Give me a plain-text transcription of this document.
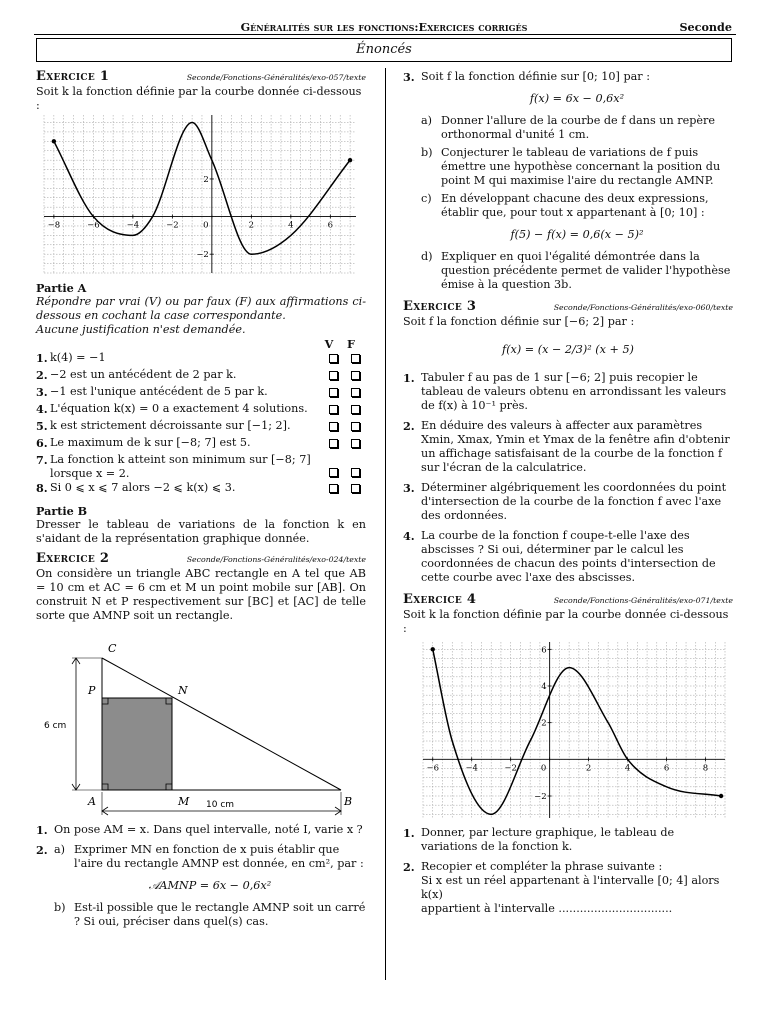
Généralités sur les fonctions:Exercices corrigés	Seconde
Énoncés
Exercice 1	Seconde/Fonctions-Généralités/exo-057/texte

Soit k la fonction définie par la courbe donnée ci-dessous :

−8	−6	−4	−2	0	2	4	6
2
−2

Partie A

Répondre par vrai (V) ou par faux (F) aux affirmations ci-dessous en cochant la case correspondante.

Aucune justification n'est demandée.

V F
1.	k(4) = −1		
2.	−2 est un antécédent de 2 par k.		
3.	−1 est l'unique antécédent de 5 par k.		
4.	L'équation k(x) = 0 a exactement 4 solutions.		
5.	k est strictement décroissante sur [−1; 2].		
6.	Le maximum de k sur [−8; 7] est 5.		
7.	La fonction k atteint son minimum sur [−8; 7] lorsque x = 2.		
8.	Si 0 ⩽ x ⩽ 7 alors −2 ⩽ k(x) ⩽ 3.		

Partie B

Dresser le tableau de variations de la fonction k en s'aidant de la représentation graphique donnée.

Exercice 2	Seconde/Fonctions-Généralités/exo-024/texte

On considère un triangle ABC rectangle en A tel que AB = 10 cm et AC = 6 cm et M un point mobile sur [AB]. On construit N et P respectivement sur [BC] et [AC] de telle sorte que AMNP soit un rectangle.

C
P	N
A	M	B
6 cm
10 cm
1. On pose AM = x. Dans quel intervalle, noté I, varie x ?
2. a) Exprimer MN en fonction de x puis établir que l'aire du rectangle AMNP est donnée, en cm², par :
𝒜AMNP = 6x − 0,6x²
b) Est-il possible que le rectangle AMNP soit un carré ? Si oui, préciser dans quel(s) cas.
3. Soit f la fonction définie sur [0; 10] par :
f(x) = 6x − 0,6x²
a) Donner l'allure de la courbe de f dans un repère orthonormal d'unité 1 cm.
b) Conjecturer le tableau de variations de f puis émettre une hypothèse concernant la position du point M qui maximise l'aire du rectangle AMNP.
c) En développant chacune des deux expressions, établir que, pour tout x appartenant à [0; 10] :
f(5) − f(x) = 0,6(x − 5)²
d) Expliquer en quoi l'égalité démontrée dans la question précédente permet de valider l'hypothèse émise à la question 3b.
Exercice 3	Seconde/Fonctions-Généralités/exo-060/texte

Soit f la fonction définie sur [−6; 2] par :

f(x) = (x − 2/3)² (x + 5)
1. Tabuler f au pas de 1 sur [−6; 2] puis recopier le tableau de valeurs obtenu en arrondissant les valeurs de f(x) à 10⁻¹ près.
2. En déduire des valeurs à affecter aux paramètres Xmin, Xmax, Ymin et Ymax de la fenêtre afin d'obtenir un affichage satisfaisant de la courbe de la fonction f sur l'écran de la calculatrice.
3. Déterminer algébriquement les coordonnées du point d'intersection de la courbe de la fonction f avec l'axe des ordonnées.
4. La courbe de la fonction f coupe-t-elle l'axe des abscisses ? Si oui, déterminer par le calcul les coordonnées de chacun des points d'intersection de cette courbe avec l'axe des abscisses.
Exercice 4	Seconde/Fonctions-Généralités/exo-071/texte

Soit k la fonction définie par la courbe donnée ci-dessous :

−6	−4	−2	0	2	4	6	8
6
4
2
−2
1. Donner, par lecture graphique, le tableau de variations de la fonction k.
2. Recopier et compléter la phrase suivante :

Si x est un réel appartenant à l'intervalle [0; 4] alors k(x)

appartient à l'intervalle ................................
